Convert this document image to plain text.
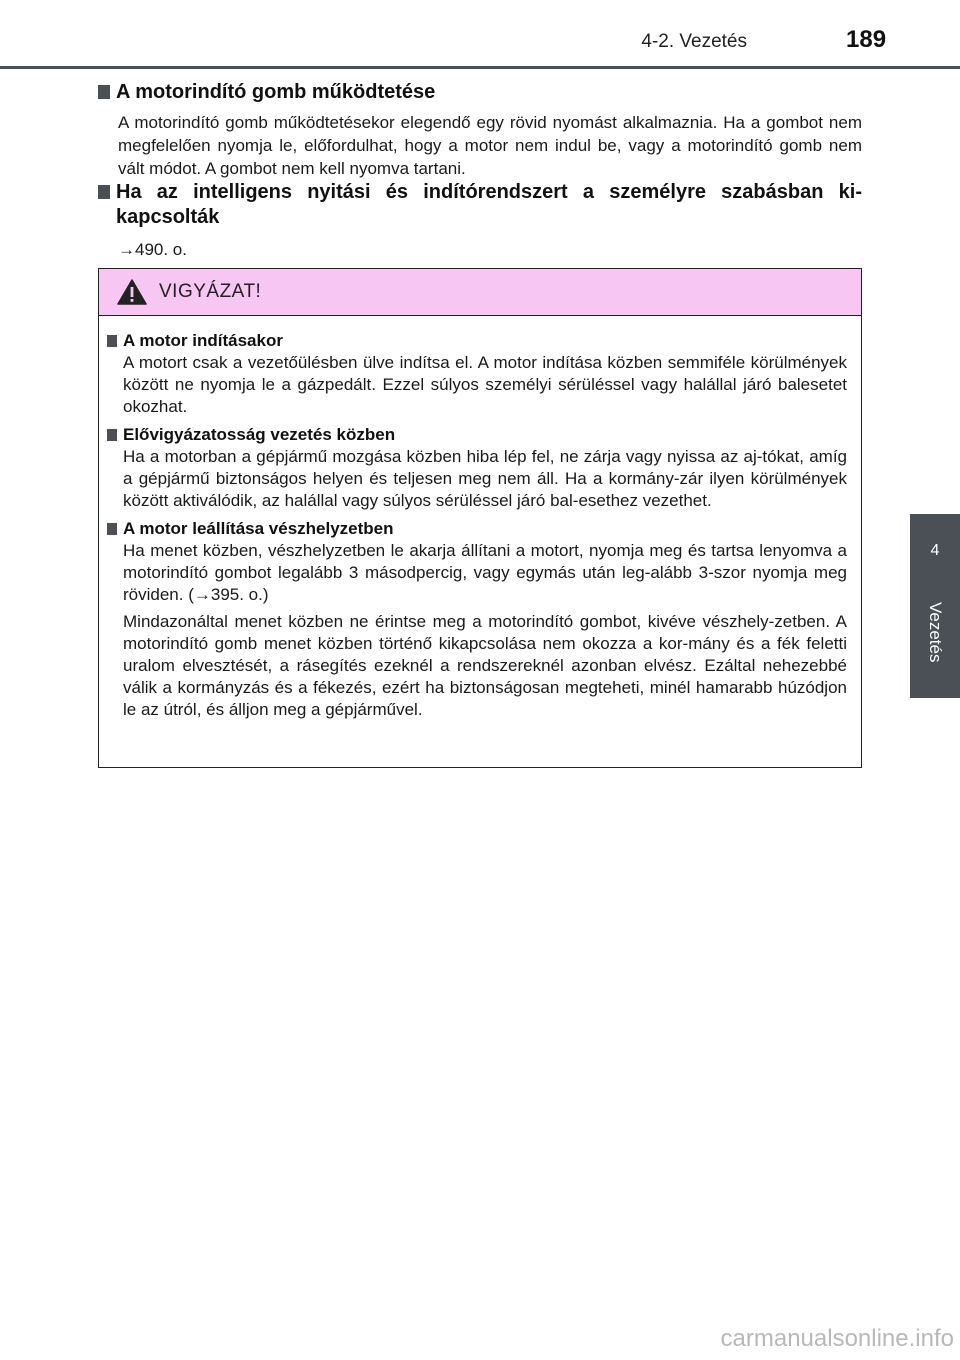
4-2. Vezetés	189
4
Vezetés
A motorindító gomb működtetése
A motorindító gomb működtetésekor elegendő egy rövid nyomást alkalmaznia. Ha a gombot nem megfelelően nyomja le, előfordulhat, hogy a motor nem indul be, vagy a motorindító gomb nem vált módot. A gombot nem kell nyomva tartani.
Ha az intelligens nyitási és indítórendszert a személyre szabásban ki-kapcsolták
→490. o.
VIGYÁZAT!
A motor indításakor
A motort csak a vezetőülésben ülve indítsa el. A motor indítása közben semmiféle körülmények között ne nyomja le a gázpedált. Ezzel súlyos személyi sérüléssel vagy halállal járó balesetet okozhat.
Elővigyázatosság vezetés közben
Ha a motorban a gépjármű mozgása közben hiba lép fel, ne zárja vagy nyissa az aj-tókat, amíg a gépjármű biztonságos helyen és teljesen meg nem áll. Ha a kormány-zár ilyen körülmények között aktiválódik, az halállal vagy súlyos sérüléssel járó bal-esethez vezethet.
A motor leállítása vészhelyzetben
Ha menet közben, vészhelyzetben le akarja állítani a motort, nyomja meg és tartsa lenyomva a motorindító gombot legalább 3 másodpercig, vagy egymás után leg-alább 3-szor nyomja meg röviden. (→395. o.)
Mindazonáltal menet közben ne érintse meg a motorindító gombot, kivéve vészhely-zetben. A motorindító gomb menet közben történő kikapcsolása nem okozza a kor-mány és a fék feletti uralom elvesztését, a rásegítés ezeknél a rendszereknél azonban elvész. Ezáltal nehezebbé válik a kormányzás és a fékezés, ezért ha biztonságosan megteheti, minél hamarabb húzódjon le az útról, és álljon meg a gépjárművel.
carmanualsonline.info
